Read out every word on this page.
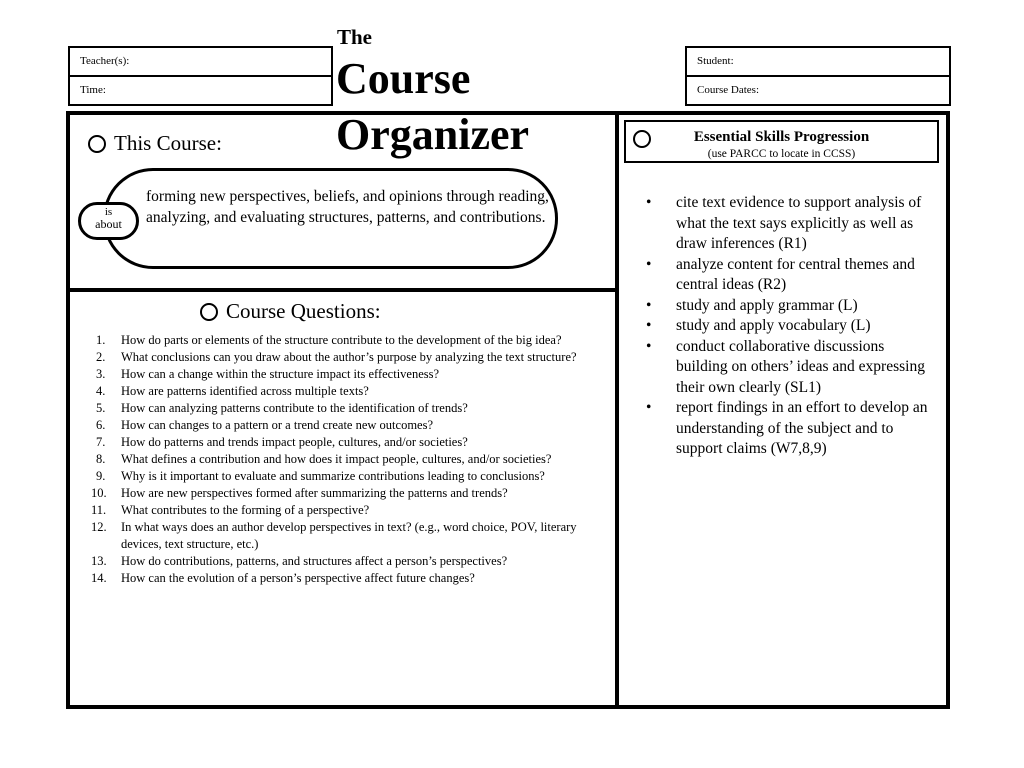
Teacher(s):
Time:
The
Course	Student:
Course Dates:
Organizer
This Course:
forming new perspectives, beliefs, and opinions through reading, analyzing, and evaluating structures, patterns, and contributions.
is
about
Course Questions:
1.	How do parts or elements of the structure contribute to the development of the big idea?
2.	What conclusions can you draw about the author’s purpose by analyzing the text structure?
3.	How can a change within the structure impact its effectiveness?
4.	How are patterns identified across multiple texts?
5.	How can analyzing patterns contribute to the identification of trends?
6.	How can changes to a pattern or a trend create new outcomes?
7.	How do patterns and trends impact people, cultures, and/or societies?
8.	What defines a contribution and how does it impact people, cultures, and/or societies?
9.	Why is it important to evaluate and summarize contributions leading to conclusions?
10.	How are new perspectives formed after summarizing the patterns and trends?
11.	What contributes to the forming of a perspective?
12.	In what ways does an author develop perspectives in text? (e.g., word choice, POV, literary devices, text structure, etc.)
13.	How do contributions, patterns, and structures affect a person’s perspectives?
14.	How can the evolution of a person’s perspective affect future changes?
Essential Skills Progression
(use PARCC to locate in CCSS)
•	cite text evidence to support analysis of what the text says explicitly as well as draw inferences (R1)
•	analyze content for central themes and central ideas (R2)
•	study and apply grammar (L)
•	study and apply vocabulary (L)
•	conduct collaborative discussions building on others’ ideas and expressing their own clearly (SL1)
•	report findings in an effort to develop an understanding of the subject and to support claims (W7,8,9)
